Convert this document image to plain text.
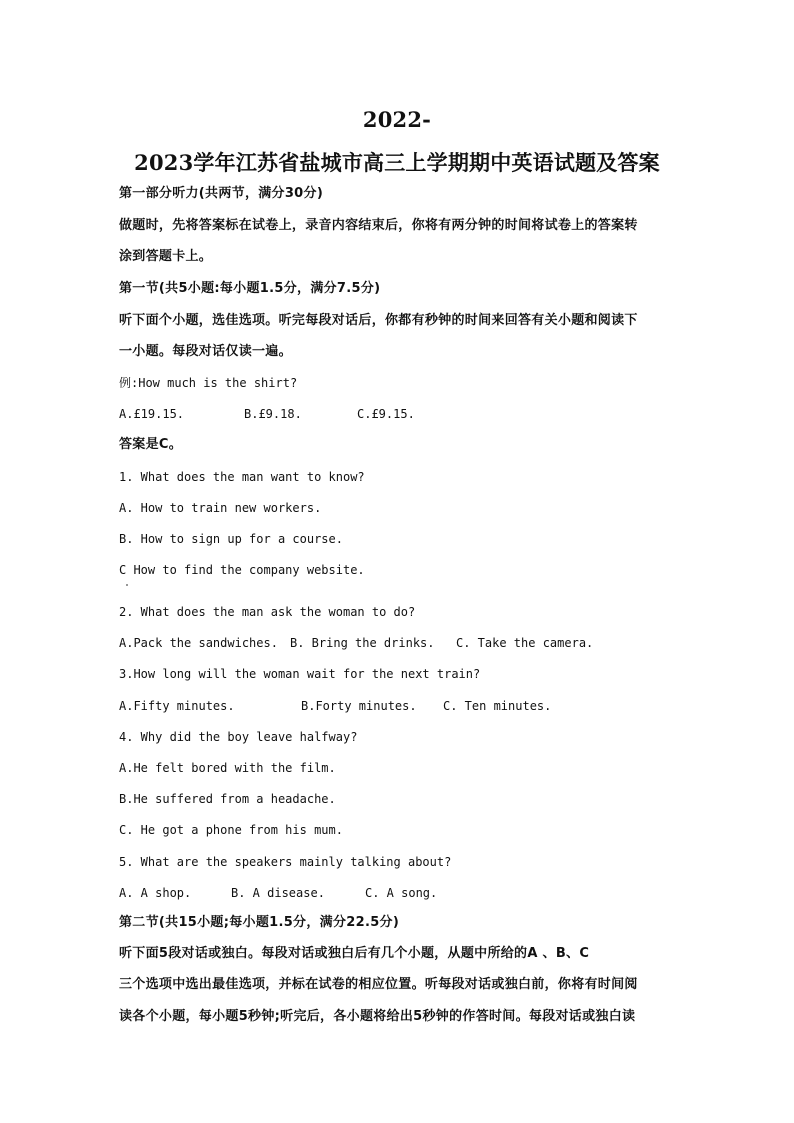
2022-
2023学年江苏省盐城市高三上学期期中英语试题及答案
第一部分听力(共两节，满分30分)
做题时，先将答案标在试卷上，录音内容结束后，你将有两分钟的时间将试卷上的答案转
涂到答题卡上。
第一节(共5小题:每小题1.5分，满分7.5分)
听下面个小题，选佳选项。听完每段对话后，你都有秒钟的时间来回答有关小题和阅读下
一小题。每段对话仅读一遍。
例:How much is the shirt?
A.£19.15.	B.£9.18.	C.£9.15.
答案是C。
1. What does the man want to know?
A. How to train new workers.
B. How to sign up for a course.
C How to find the company website.
2. What does the man ask the woman to do?
A.Pack the sandwiches. B. Bring the drinks. C. Take the camera.
3.How long will the woman wait for the next train?
A.Fifty minutes.	B.Forty minutes. C. Ten minutes.
4. Why did the boy leave halfway?
A.He felt bored with the film.
B.He suffered from a headache.
C. He got a phone from his mum.
5. What are the speakers mainly talking about?
A. A shop.	B. A disease.	C. A song.
第二节(共15小题;每小题1.5分，满分22.5分)
听下面5段对话或独白。每段对话或独白后有几个小题，从题中所给的A 、B、C
三个选项中选出最佳选项，并标在试卷的相应位置。听每段对话或独白前，你将有时间阅
读各个小题，每小题5秒钟;听完后，各小题将给出5秒钟的作答时间。每段对话或独白读
